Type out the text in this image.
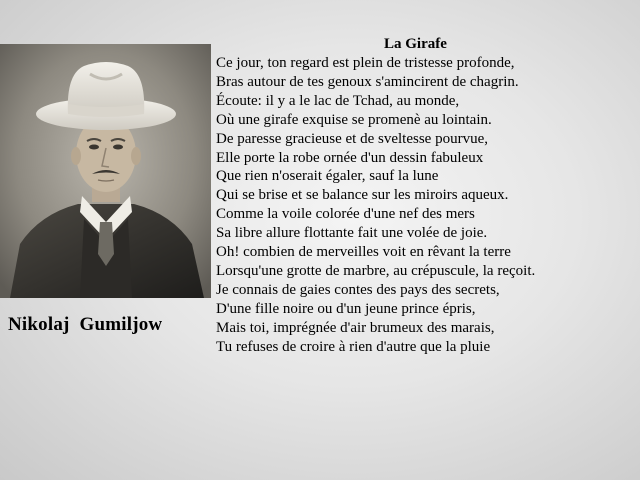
Nikolaj  Gumiljow
La Girafe
Ce jour, ton regard est plein de tristesse profonde,
Bras autour de tes genoux s'amincirent de chagrin.
Écoute: il y a le lac de Tchad, au monde,
Où une girafe exquise se promenè au lointain.
De paresse gracieuse et de sveltesse pourvue,
Elle porte la robe ornée d'un dessin fabuleux
Que rien n'oserait égaler, sauf la lune
Qui se brise et se balance sur les miroirs aqueux.
Comme la voile colorée d'une nef des mers
Sa libre allure flottante fait une volée de joie.
Oh! combien de merveilles voit en rêvant la terre
Lorsqu'une grotte de marbre, au crépuscule, la reçoit.
Je connais de gaies contes des pays des secrets,
D'une fille noire ou d'un jeune prince épris,
Mais toi, imprégnée d'air brumeux des marais,
Tu refuses de croire à rien d'autre que la pluie
